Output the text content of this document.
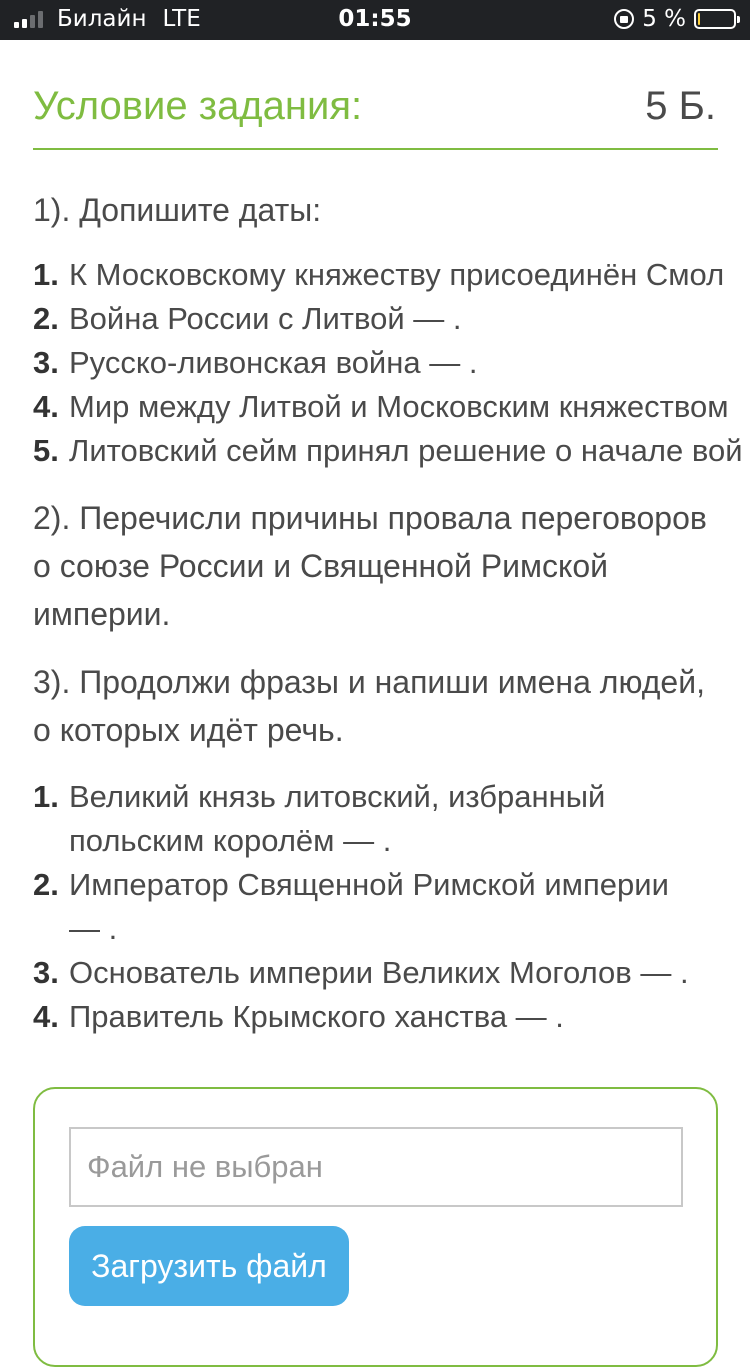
Билайн LTE	01:55	5 %
Условие задания:	5 Б.
1). Допишите даты:
1. К Московскому княжеству присоединён Смол
2. Война России с Литвой — .
3. Русско-ливонская война — .
4. Мир между Литвой и Московским княжеством
5. Литовский сейм принял решение о начале вой
2). Перечисли причины провала переговоров о союзе России и Священной Римской империи.
3). Продолжи фразы и напиши имена людей, о которых идёт речь.
1. Великий князь литовский, избранный польским королём — .
2. Император Священной Римской империи — .
3. Основатель империи Великих Моголов — .
4. Правитель Крымского ханства — .
Файл не выбран
Загрузить файл
